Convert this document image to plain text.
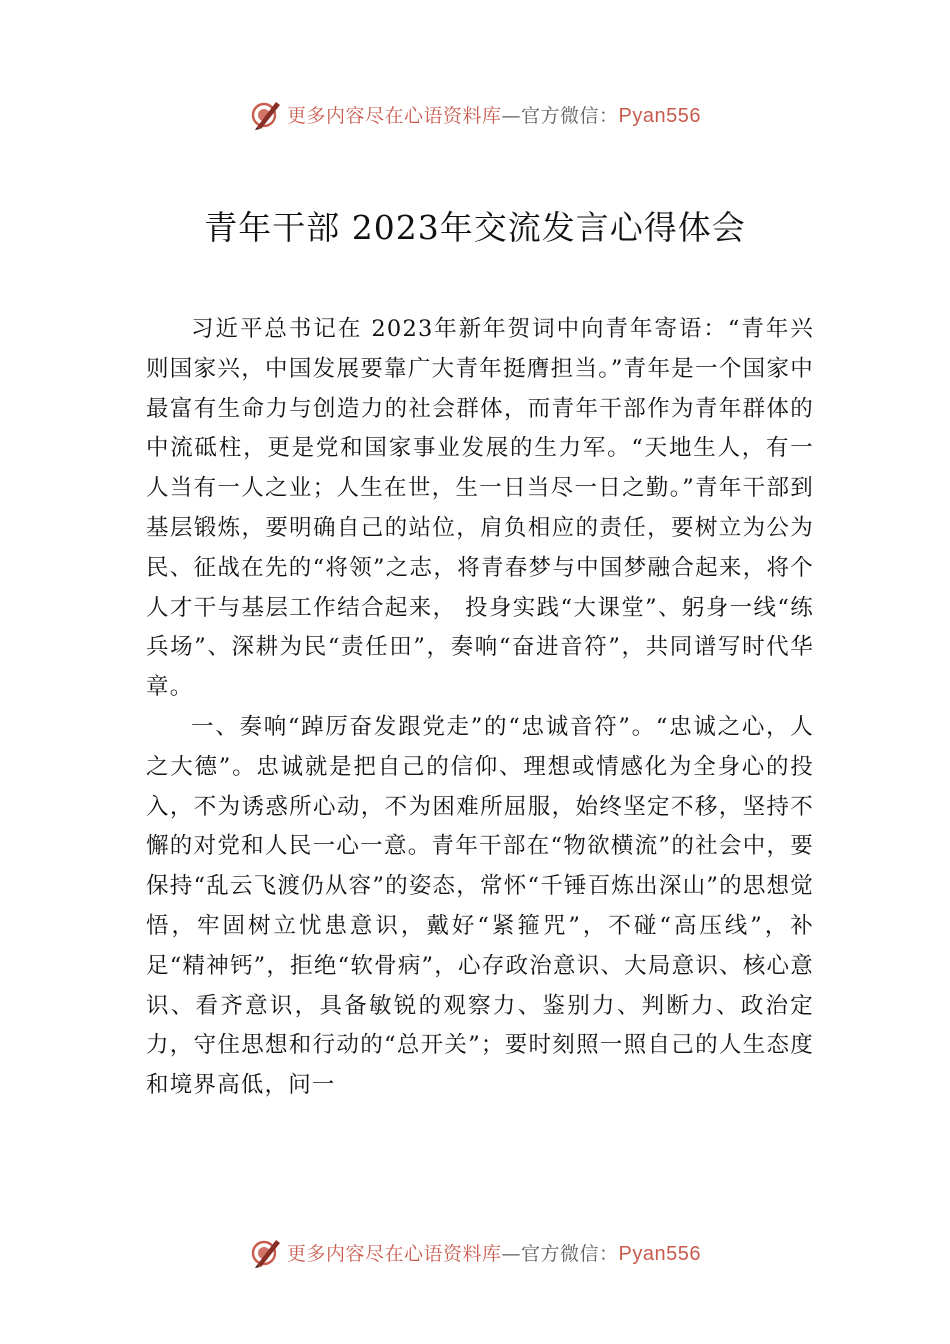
更多内容尽在心语资料库—官方微信：Pyan556
青年干部 2023年交流发言心得体会

习近平总书记在 2023年新年贺词中向青年寄语：“青年兴则国家兴，中国发展要靠广大青年挺膺担当。”青年是一个国家中最富有生命力与创造力的社会群体，而青年干部作为青年群体的中流砥柱，更是党和国家事业发展的生力军。“天地生人，有一人当有一人之业；人生在世，生一日当尽一日之勤。”青年干部到基层锻炼，要明确自己的站位，肩负相应的责任，要树立为公为民、征战在先的“将领”之志，将青春梦与中国梦融合起来，将个人才干与基层工作结合起来， 投身实践“大课堂”、躬身一线“练兵场”、深耕为民“责任田”，奏响“奋进音符”，共同谱写时代华章。

一、奏响“踔厉奋发跟党走”的“忠诚音符”。“忠诚之心，人之大德”。忠诚就是把自己的信仰、理想或情感化为全身心的投入，不为诱惑所心动，不为困难所屈服，始终坚定不移，坚持不懈的对党和人民一心一意。青年干部在“物欲横流”的社会中，要保持“乱云飞渡仍从容”的姿态，常怀“千锤百炼出深山”的思想觉悟，牢固树立忧患意识，戴好“紧箍咒”，不碰“高压线”，补足“精神钙”，拒绝“软骨病”，心存政治意识、大局意识、核心意识、看齐意识，具备敏锐的观察力、鉴别力、判断力、政治定力，守住思想和行动的“总开关”；要时刻照一照自己的人生态度和境界高低，问一

更多内容尽在心语资料库—官方微信：Pyan556
